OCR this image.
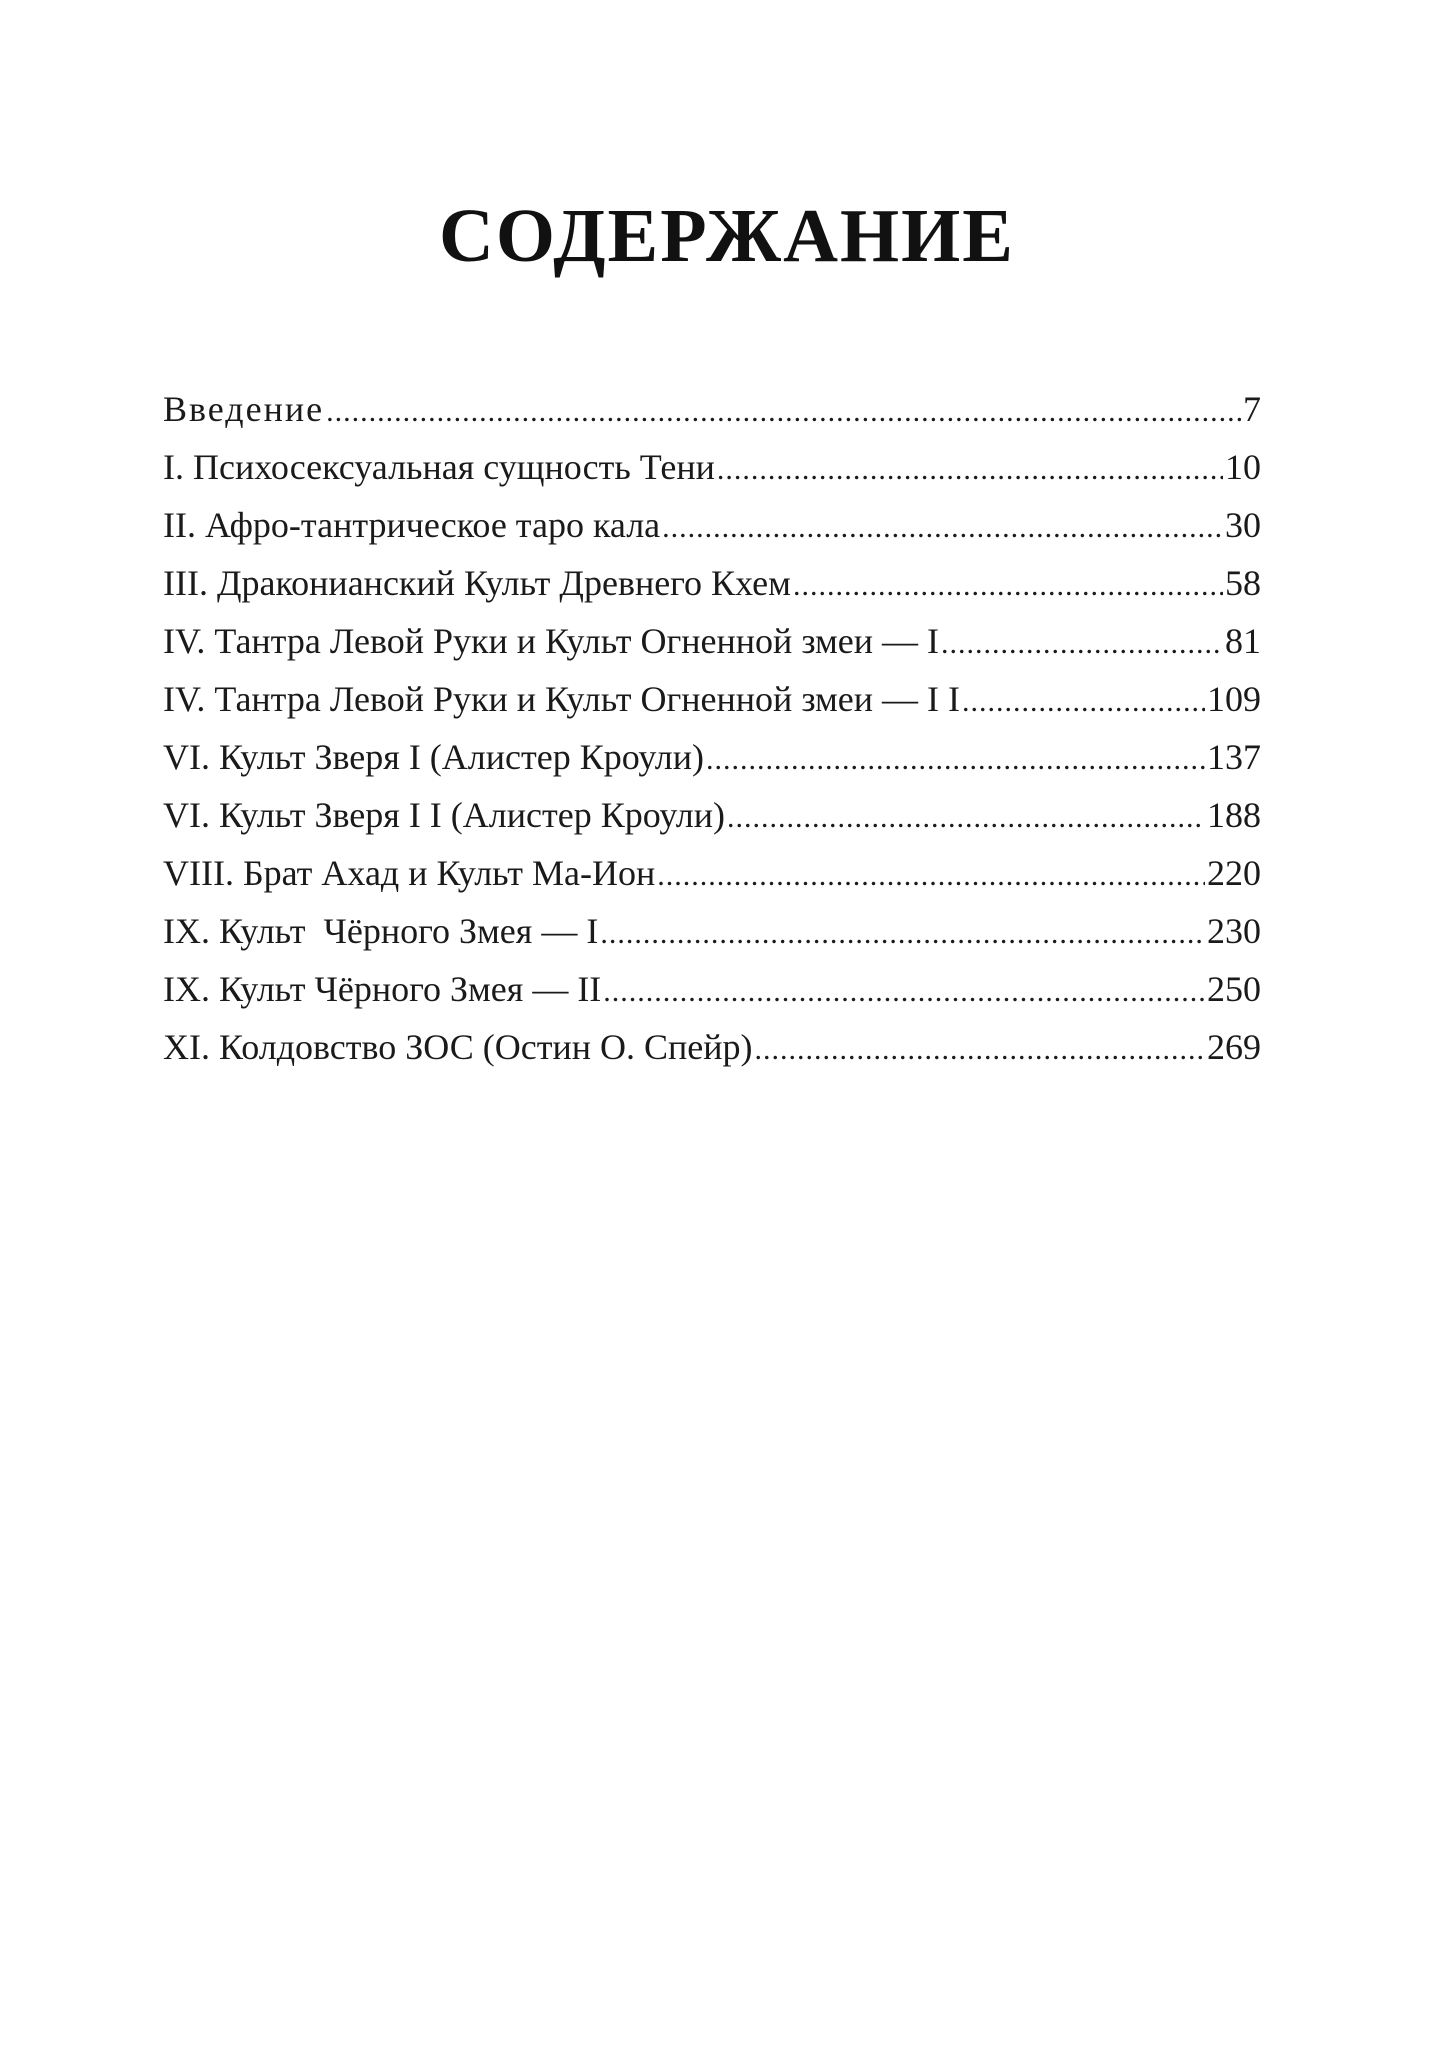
СОДЕРЖАНИЕ
Введение .....	7
I. Психосексуальная сущность Тени .....	10
II. Афро-тантрическое таро кала .....	30
III. Драконианский Культ Древнего Кхем .....	58
IV. Тантра Левой Руки и Культ Огненной змеи — I .....	81
IV. Тантра Левой Руки и Культ Огненной змеи — I I .....	109
VI. Культ Зверя I (Алистер Кроули) .....	137
VI. Культ Зверя I I (Алистер Кроули) .....	188
VIII. Брат Ахад и Культ Ма-Ион .....	220
IX. Культ  Чёрного Змея — I .....	230
IX. Культ Чёрного Змея — II .....	250
XI. Колдовство ЗОС (Остин О. Спейр) .....	269
